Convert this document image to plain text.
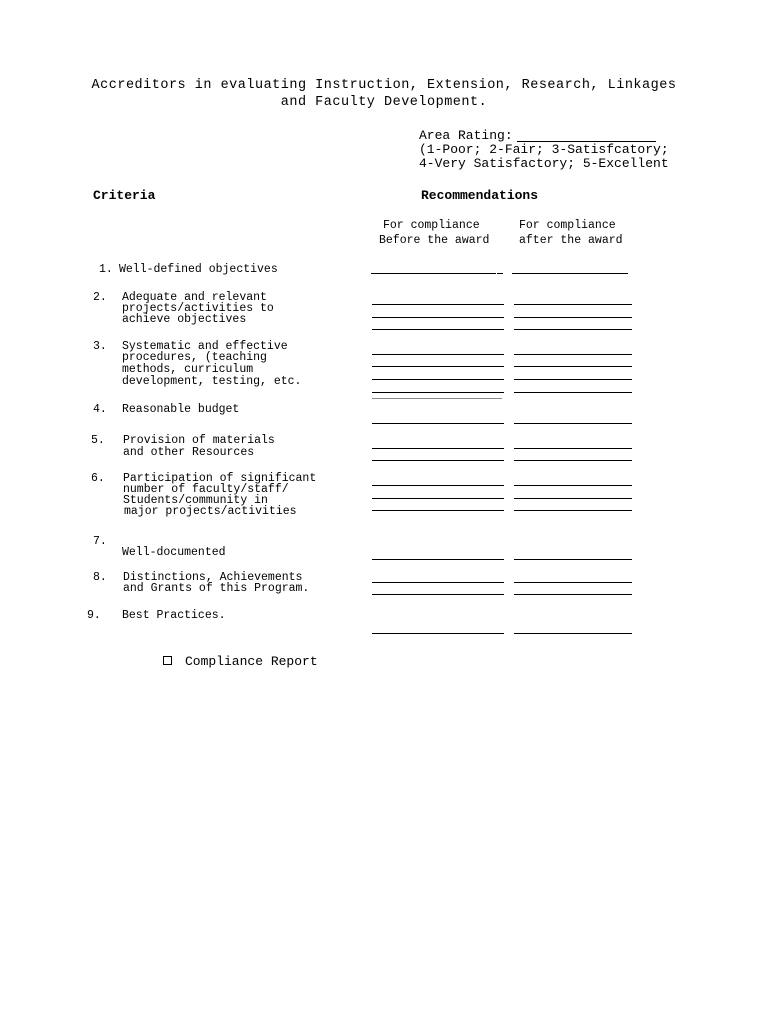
Accreditors in evaluating Instruction, Extension, Research, Linkages
and Faculty Development.
Area Rating:
(1-Poor; 2-Fair; 3-Satisfcatory;
4-Very Satisfactory; 5-Excellent
Criteria	Recommendations
For compliance
Before the award
For compliance
after the award
1. Well-defined objectives
2. Adequate and relevant
projects/activities to
achieve objectives
3. Systematic and effective
procedures, (teaching
methods, curriculum
development, testing, etc.
4. Reasonable budget
5. Provision of materials
and other Resources
6. Participation of significant
number of faculty/staff/
Students/community in
major projects/activities
7.
Well-documented
8. Distinctions, Achievements
and Grants of this Program.
9. Best Practices.
Compliance Report
